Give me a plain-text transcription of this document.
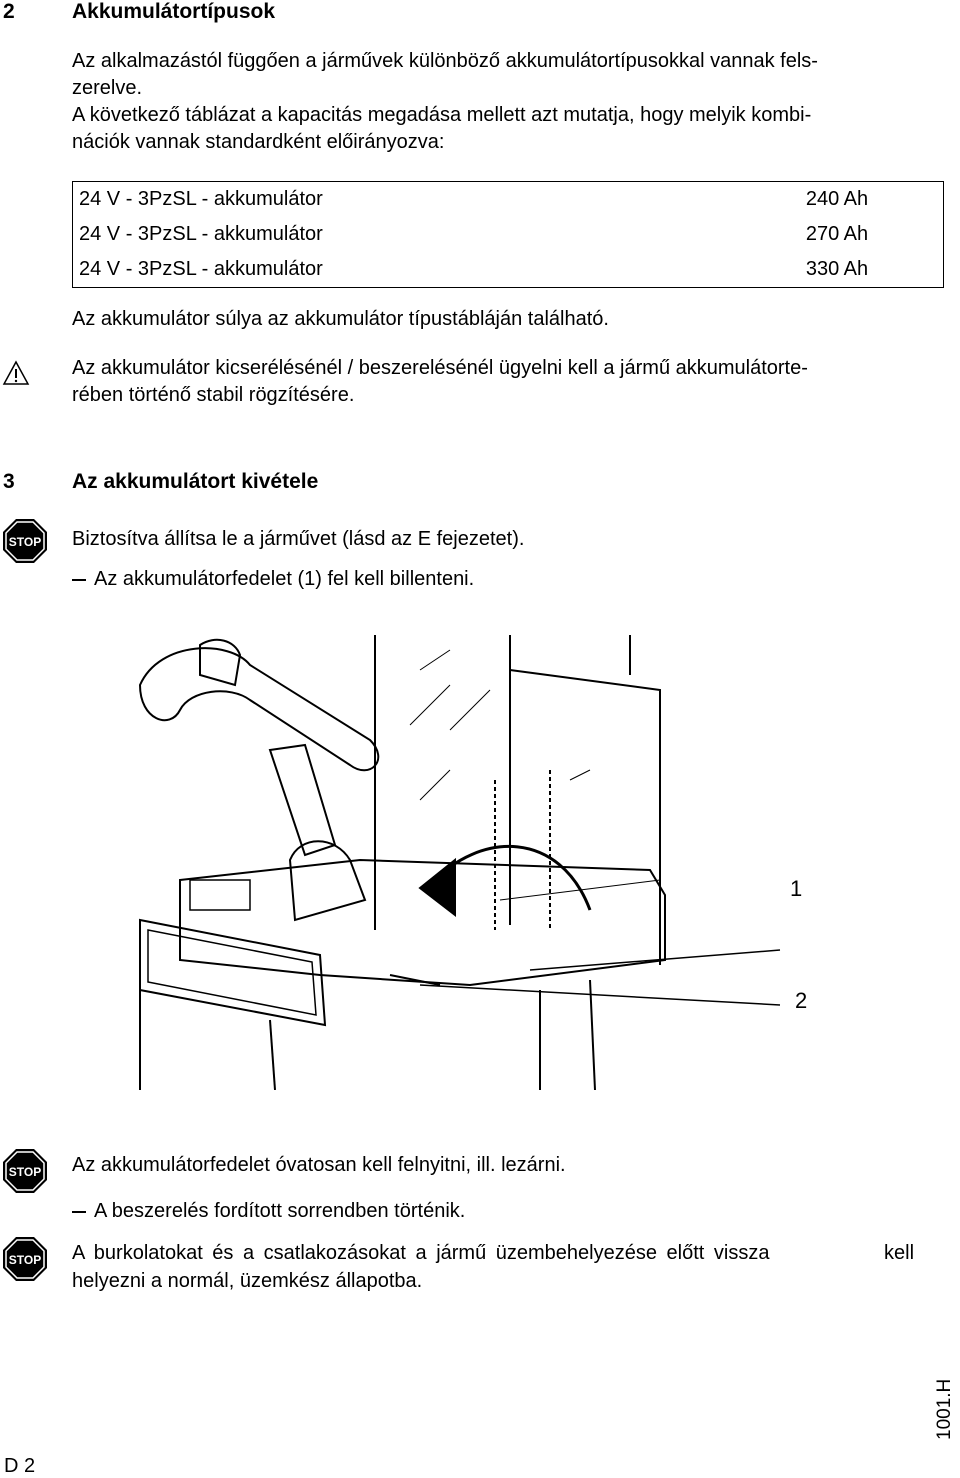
2	Akkumulátortípusok
Az alkalmazástól függően a járművek különböző akkumulátortípusokkal vannak fels-
zerelve.
A következő táblázat a kapacitás megadása mellett azt mutatja, hogy melyik kombi-
nációk vannak standardként előirányozva:
24 V - 3PzSL - akkumulátor	240 Ah
24 V - 3PzSL - akkumulátor	270 Ah
24 V - 3PzSL - akkumulátor	330 Ah
Az akkumulátor súlya az akkumulátor típustábláján található.
Az akkumulátor kicserélésénél / beszerelésénél ügyelni kell a jármű akkumulátorte-
rében történő stabil rögzítésére.
3	Az akkumulátort kivétele
STOP Biztosítva állítsa le a járművet (lásd az E fejezetet).
Az akkumulátorfedelet (1) fel kell billenteni.
1
2
STOP Az akkumulátorfedelet óvatosan kell felnyitni, ill. lezárni.
A beszerelés fordított sorrendben történik.
STOP A burkolatokat és a csatlakozásokat a jármű üzembehelyezése előtt vissza	kell
helyezni a normál, üzemkész állapotba.
D 2
1001.H
